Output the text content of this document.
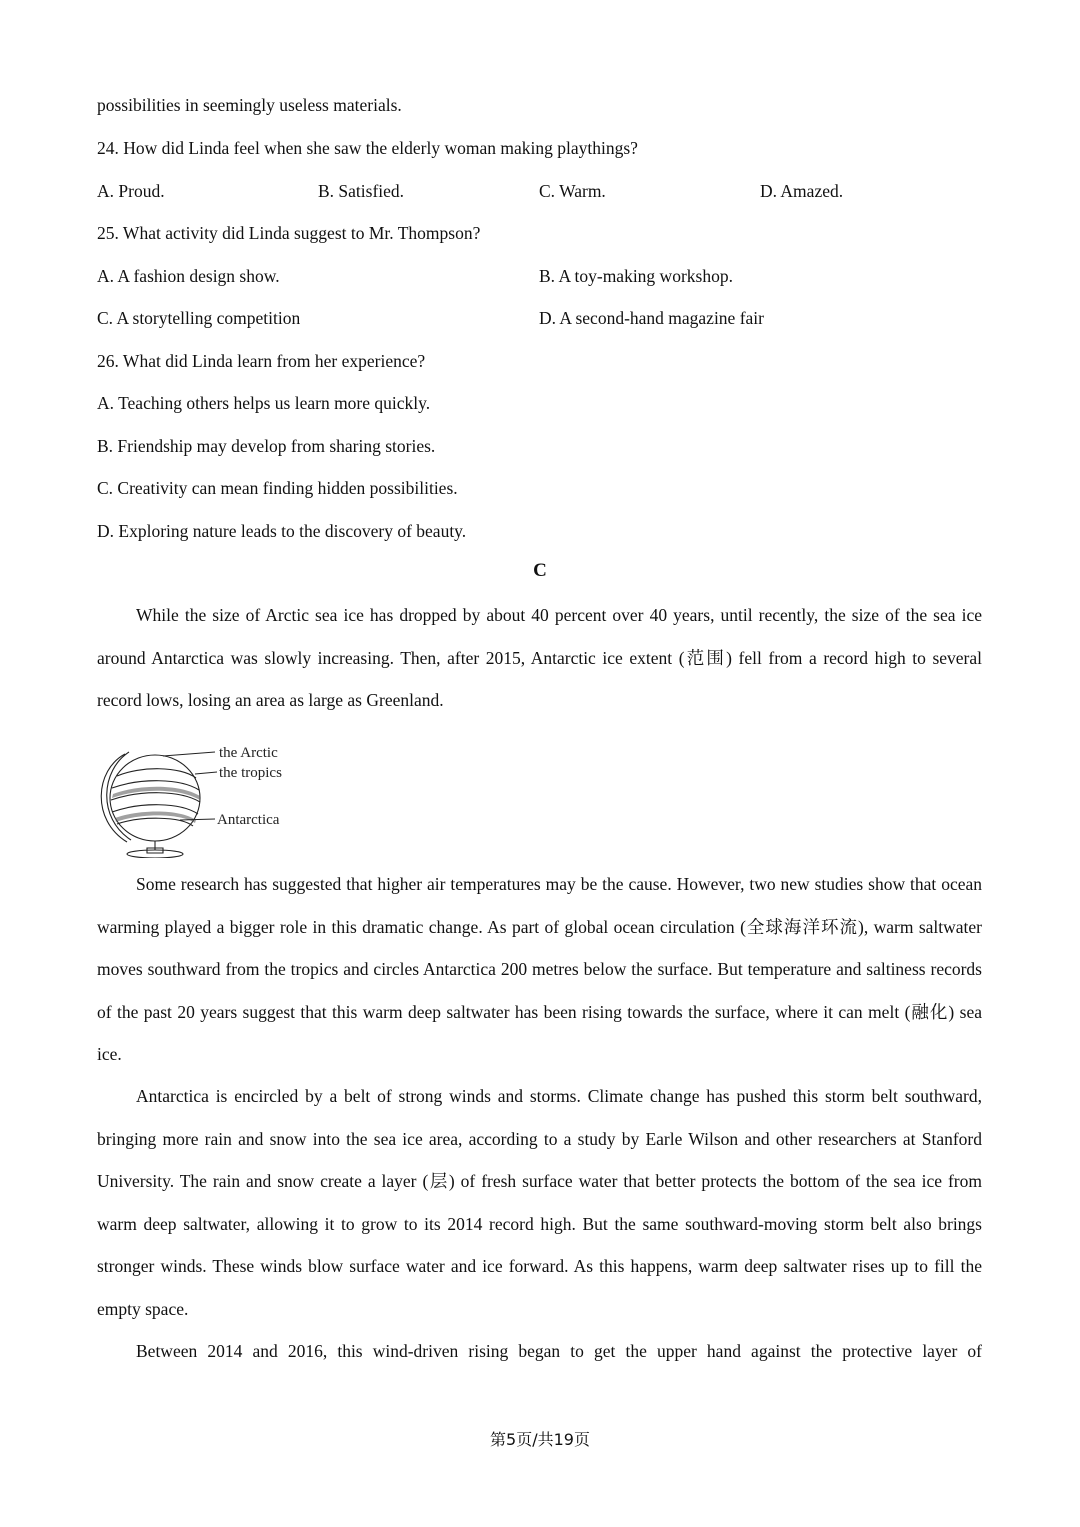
possibilities in seemingly useless materials.
24. How did Linda feel when she saw the elderly woman making playthings?
A. Proud.	B. Satisfied.	C. Warm.	D. Amazed.
25. What activity did Linda suggest to Mr. Thompson?
A. A fashion design show.	B. A toy-making workshop.
C. A storytelling competition	D. A second-hand magazine fair
26. What did Linda learn from her experience?
A. Teaching others helps us learn more quickly.
B. Friendship may develop from sharing stories.
C. Creativity can mean finding hidden possibilities.
D. Exploring nature leads to the discovery of beauty.
C

While the size of Arctic sea ice has dropped by about 40 percent over 40 years, until recently, the size of the sea ice around Antarctica was slowly increasing. Then, after 2015, Antarctic ice extent (范围) fell from a record high to several record lows, losing an area as large as Greenland.

the Arctic
the tropics
Antarctica

Some research has suggested that higher air temperatures may be the cause. However, two new studies show that ocean warming played a bigger role in this dramatic change. As part of global ocean circulation (全球海洋环流), warm saltwater moves southward from the tropics and circles Antarctica 200 metres below the surface. But temperature and saltiness records of the past 20 years suggest that this warm deep saltwater has been rising towards the surface, where it can melt (融化) sea ice.

Antarctica is encircled by a belt of strong winds and storms. Climate change has pushed this storm belt southward, bringing more rain and snow into the sea ice area, according to a study by Earle Wilson and other researchers at Stanford University. The rain and snow create a layer (层) of fresh surface water that better protects the bottom of the sea ice from warm deep saltwater, allowing it to grow to its 2014 record high. But the same southward-moving storm belt also brings stronger winds. These winds blow surface water and ice forward. As this happens, warm deep saltwater rises up to fill the empty space.

Between 2014 and 2016, this wind-driven rising began to get the upper hand against the protective layer of

第5页/共19页
